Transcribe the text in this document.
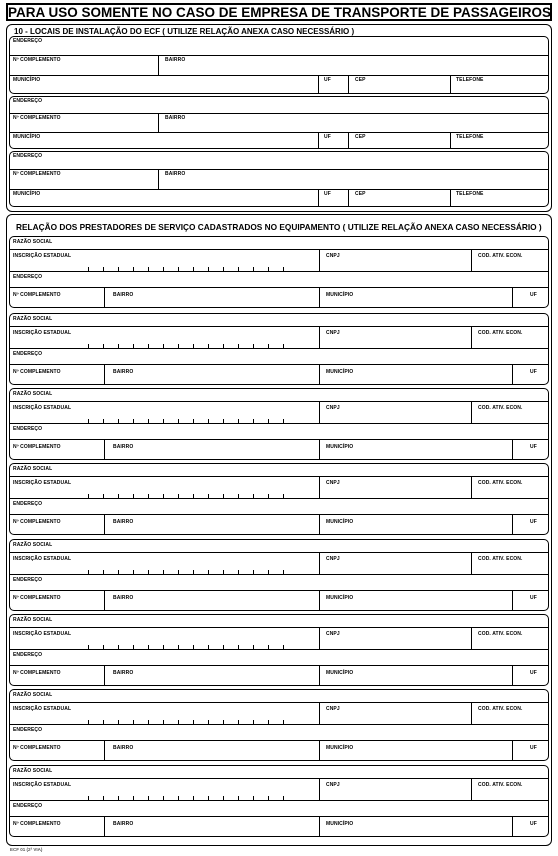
PARA USO SOMENTE NO CASO DE EMPRESA DE TRANSPORTE DE PASSAGEIROS
10 - LOCAIS DE INSTALAÇÃO DO ECF ( UTILIZE RELAÇÃO ANEXA CASO NECESSÁRIO )
ENDEREÇO
Nº COMPLEMENTO	BAIRRO
MUNICÍPIO	UF	CEP	TELEFONE
ENDEREÇO
Nº COMPLEMENTO	BAIRRO
MUNICÍPIO	UF	CEP	TELEFONE
ENDEREÇO
Nº COMPLEMENTO	BAIRRO
MUNICÍPIO	UF	CEP	TELEFONE
RELAÇÃO DOS PRESTADORES DE SERVIÇO CADASTRADOS NO EQUIPAMENTO ( UTILIZE RELAÇÃO ANEXA CASO NECESSÁRIO )
RAZÃO SOCIAL
INSCRIÇÃO ESTADUAL	CNPJ	COD. ATIV. ECON.
ENDEREÇO
Nº COMPLEMENTO	BAIRRO	MUNICÍPIO	UF
RAZÃO SOCIAL
INSCRIÇÃO ESTADUAL	CNPJ	COD. ATIV. ECON.
ENDEREÇO
Nº COMPLEMENTO	BAIRRO	MUNICÍPIO	UF
RAZÃO SOCIAL
INSCRIÇÃO ESTADUAL	CNPJ	COD. ATIV. ECON.
ENDEREÇO
Nº COMPLEMENTO	BAIRRO	MUNICÍPIO	UF
RAZÃO SOCIAL
INSCRIÇÃO ESTADUAL	CNPJ	COD. ATIV. ECON.
ENDEREÇO
Nº COMPLEMENTO	BAIRRO	MUNICÍPIO	UF
RAZÃO SOCIAL
INSCRIÇÃO ESTADUAL	CNPJ	COD. ATIV. ECON.
ENDEREÇO
Nº COMPLEMENTO	BAIRRO	MUNICÍPIO	UF
RAZÃO SOCIAL
INSCRIÇÃO ESTADUAL	CNPJ	COD. ATIV. ECON.
ENDEREÇO
Nº COMPLEMENTO	BAIRRO	MUNICÍPIO	UF
RAZÃO SOCIAL
INSCRIÇÃO ESTADUAL	CNPJ	COD. ATIV. ECON.
ENDEREÇO
Nº COMPLEMENTO	BAIRRO	MUNICÍPIO	UF
RAZÃO SOCIAL
INSCRIÇÃO ESTADUAL	CNPJ	COD. ATIV. ECON.
ENDEREÇO
Nº COMPLEMENTO	BAIRRO	MUNICÍPIO	UF
ECF 01 (2ª VIA)
